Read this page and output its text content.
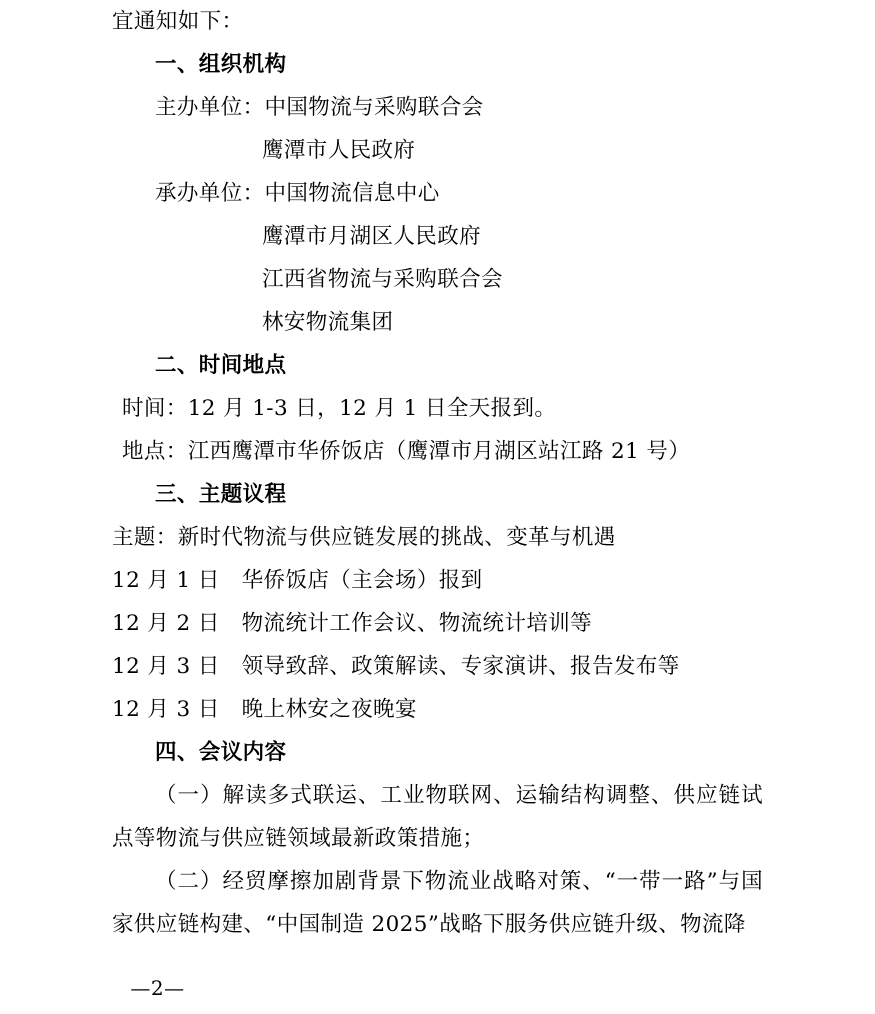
宜通知如下：
一、组织机构
主办单位：中国物流与采购联合会
鹰潭市人民政府
承办单位：中国物流信息中心
鹰潭市月湖区人民政府
江西省物流与采购联合会
林安物流集团
二、时间地点
时间：12 月 1-3 日，12 月 1 日全天报到。
地点：江西鹰潭市华侨饭店（鹰潭市月湖区站江路 21 号）
三、主题议程
主题：新时代物流与供应链发展的挑战、变革与机遇
12 月 1 日　华侨饭店（主会场）报到
12 月 2 日　物流统计工作会议、物流统计培训等
12 月 3 日　领导致辞、政策解读、专家演讲、报告发布等
12 月 3 日　晚上林安之夜晚宴
四、会议内容
（一）解读多式联运、工业物联网、运输结构调整、供应链试点等物流与供应链领域最新政策措施；
（二）经贸摩擦加剧背景下物流业战略对策、“一带一路”与国家供应链构建、“中国制造 2025”战略下服务供应链升级、物流降
—2—
